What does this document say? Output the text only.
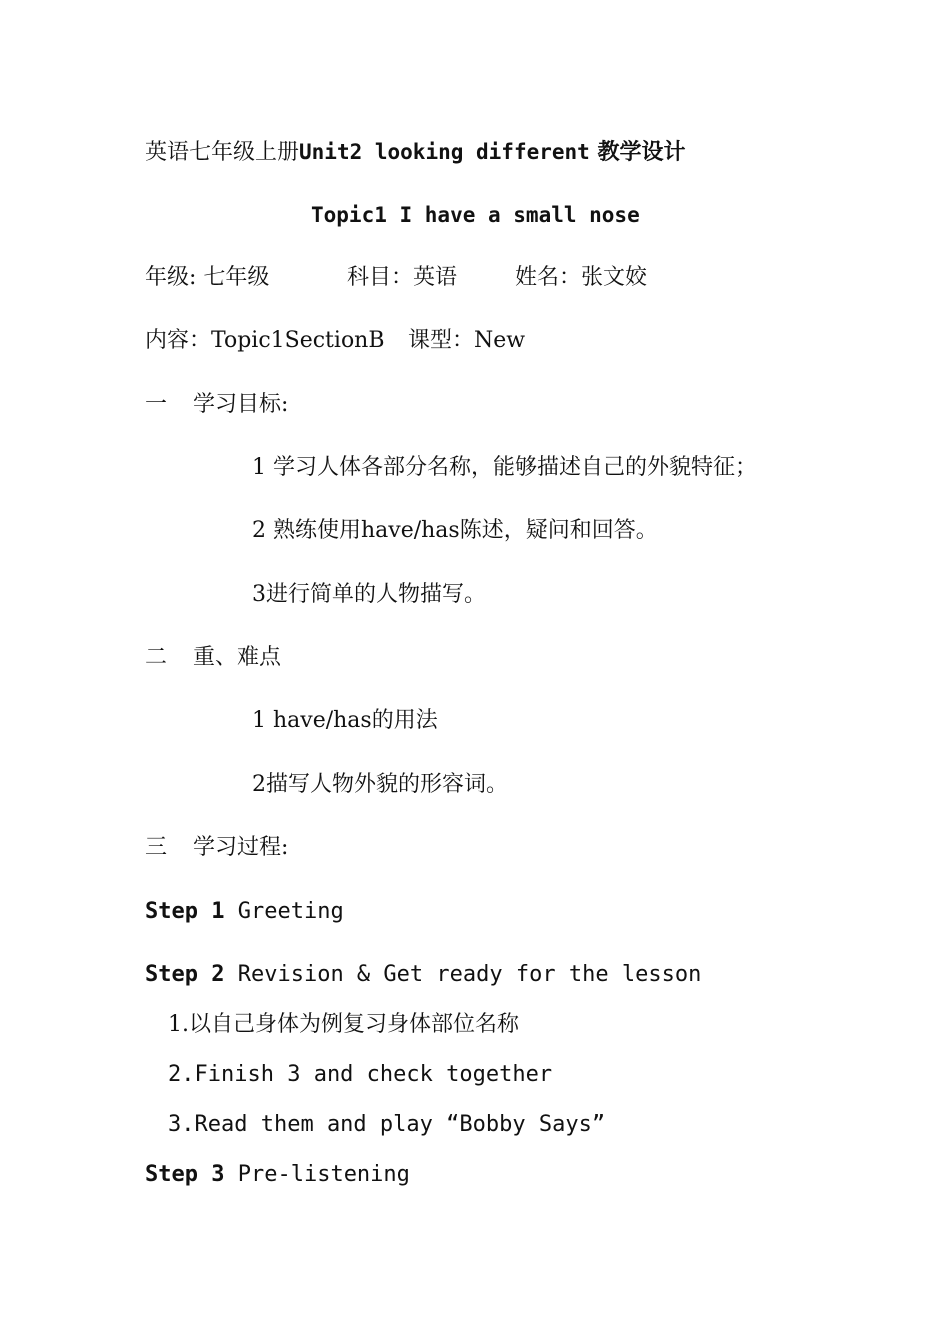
英语七年级上册Unit2 looking different 教学设计
Topic1 I have a small nose
年级: 七年级	科目：英语	姓名：张文姣
内容：Topic1SectionB 课型：New
一 学习目标:
1 学习人体各部分名称，能够描述自己的外貌特征；
2 熟练使用have/has陈述，疑问和回答。
3进行简单的人物描写。
二 重、难点
1 have/has的用法
2描写人物外貌的形容词。
三 学习过程:
Step 1 Greeting
Step 2 Revision & Get ready for the lesson
1.以自己身体为例复习身体部位名称
2.Finish 3 and check together
3.Read them and play “Bobby Says”
Step 3 Pre-listening
